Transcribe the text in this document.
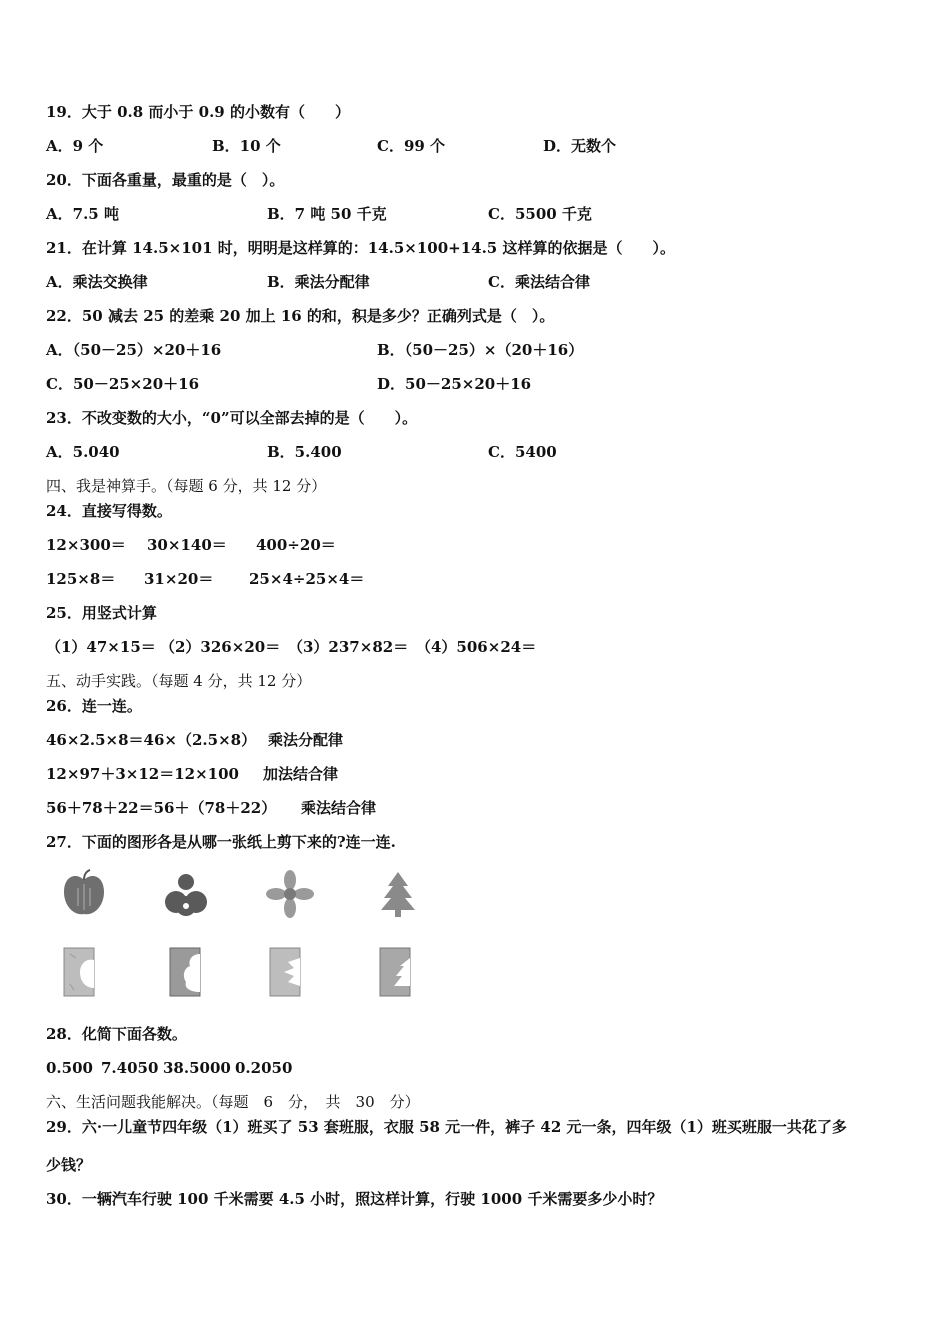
19．大于 0.8 而小于 0.9 的小数有（　　）
A．9 个	B．10 个	C．99 个	D．无数个
20．下面各重量，最重的是（　）。
A．7.5 吨	B．7 吨 50 千克	C．5500 千克
21．在计算 14.5×101 时，明明是这样算的：14.5×100+14.5 这样算的依据是（　　）。
A．乘法交换律	B．乘法分配律	C．乘法结合律
22．50 减去 25 的差乘 20 加上 16 的和，积是多少？正确列式是（　）。
A．（50－25）×20＋16	B．（50－25）×（20＋16）
C．50－25×20＋16	D．50－25×20＋16
23．不改变数的大小，“0”可以全部去掉的是（　　）。
A．5.040	B．5.400	C．5400
四、我是神算手。（每题 6 分，共 12 分）
24．直接写得数。
12×300＝ 30×140＝ 400÷20＝
125×8＝ 31×20＝ 25×4÷25×4＝
25．用竖式计算
（1）47×15＝ （2）326×20＝ （3）237×82＝ （4）506×24＝
五、动手实践。（每题 4 分，共 12 分）
26．连一连。
46×2.5×8＝46×（2.5×8） 乘法分配律
12×97＋3×12＝12×100 加法结合律
56＋78＋22＝56＋（78＋22） 乘法结合律
27．下面的图形各是从哪一张纸上剪下来的?连一连.
28．化简下面各数。
0.500 7.4050 38.5000 0.2050
六、生活问题我能解决。（每题　6　分，　共　30　分）
29．六·一儿童节四年级（1）班买了 53 套班服，衣服 58 元一件，裤子 42 元一条，四年级（1）班买班服一共花了多
少钱？
30．一辆汽车行驶 100 千米需要 4.5 小时，照这样计算，行驶 1000 千米需要多少小时？
